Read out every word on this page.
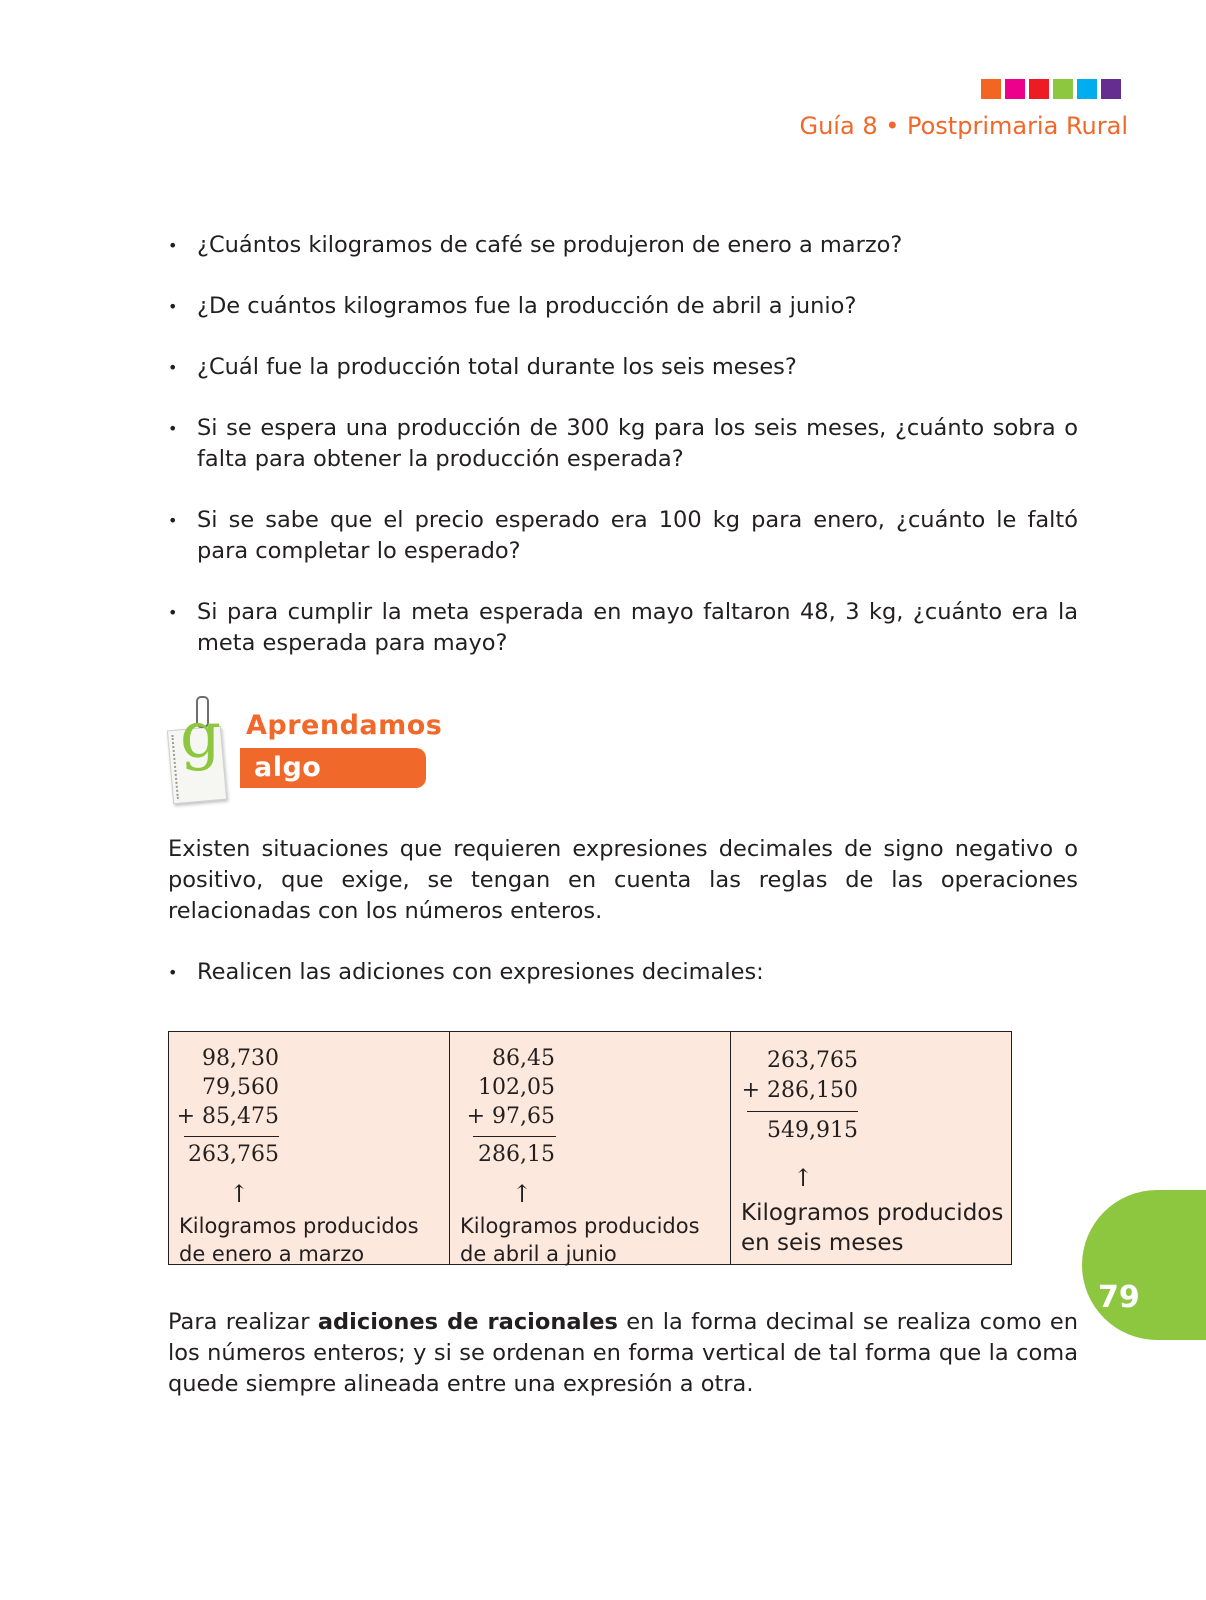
Guía 8 • Postprimaria Rural
• ¿Cuántos kilogramos de café se produjeron de enero a marzo?
• ¿De cuántos kilogramos fue la producción de abril a junio?
• ¿Cuál fue la producción total durante los seis meses?
• Si se espera una producción de 300 kg para los seis meses, ¿cuánto sobra o falta para obtener la producción esperada?
• Si se sabe que el precio esperado era 100 kg para enero, ¿cuánto le faltó para completar lo esperado?
• Si para cumplir la meta esperada en mayo faltaron 48, 3 kg, ¿cuánto era la meta esperada para mayo?
g Aprendamos
algo nuevo

Existen situaciones que requieren expresiones decimales de signo negativo o positivo, que exige, se tengan en cuenta las reglas de las operaciones relacionadas con los números enteros.

• Realicen las adiciones con expresiones decimales:
98,730
79,560
+ 85,475
263,765
↑
Kilogramos producidos
de enero a marzo
86,45
102,05
+ 97,65
286,15
↑
Kilogramos producidos
de abril a junio
263,765
+ 286,150
549,915
↑
Kilogramos producidos
en seis meses

Para realizar adiciones de racionales en la forma decimal se realiza como en los números enteros; y si se ordenan en forma vertical de tal forma que la coma quede siempre alineada entre una expresión a otra.

79
